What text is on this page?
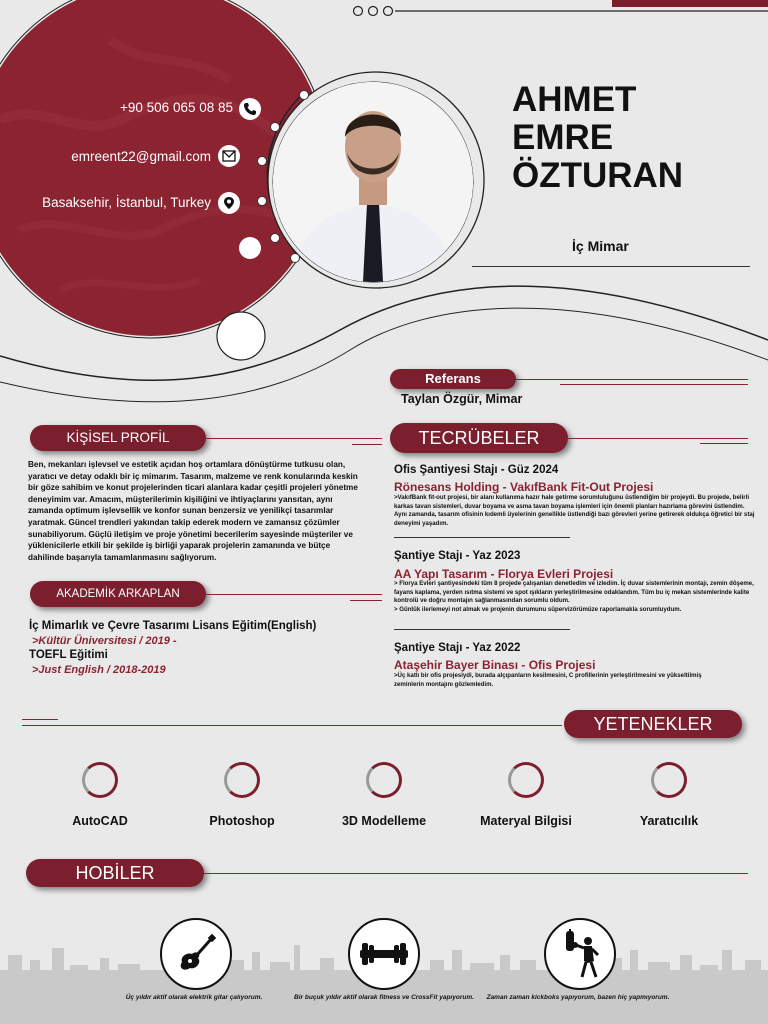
+90 506 065 08 85
emreent22@gmail.com
Basaksehir, İstanbul, Turkey
AHMET
EMRE
ÖZTURAN
İç Mimar
Referans
Taylan Özgür, Mimar
KİŞİSEL PROFİL
Ben, mekanları işlevsel ve estetik açıdan hoş ortamlara dönüştürme tutkusu olan, yaratıcı ve detay odaklı bir iç mimarım. Tasarım, malzeme ve renk konularında keskin bir göze sahibim ve konut projelerinden ticari alanlara kadar çeşitli projeleri yönetme deneyimim var. Amacım, müşterilerimin kişiliğini ve ihtiyaçlarını yansıtan, aynı zamanda optimum işlevsellik ve konfor sunan benzersiz ve yenilikçi tasarımlar yaratmak. Güncel trendleri yakından takip ederek modern ve zamansız çözümler sunabiliyorum. Güçlü iletişim ve proje yönetimi becerilerim sayesinde müşteriler ve yüklenicilerle etkili bir şekilde iş birliği yaparak projelerin zamanında ve bütçe dahilinde başarıyla tamamlanmasını sağlıyorum.
AKADEMİK ARKAPLAN
İç Mimarlık ve Çevre Tasarımı Lisans Eğitim(English)
>Kültür Üniversitesi / 2019 -
TOEFL Eğitimi
>Just English / 2018-2019
TECRÜBELER
Ofis Şantiyesi Stajı - Güz 2024
Rönesans Holding - VakıfBank Fit-Out Projesi
>VakıfBank fit-out projesi, bir alanı kullanıma hazır hale getirme sorumluluğunu üstlendiğim bir projeydi. Bu projede, belirli karkas tavan sistemleri, duvar boyama ve asma tavan boyama işlemleri için önemli planları hazırlama görevini üstlendim. Aynı zamanda, tasarım ofisinin kıdemli üyelerinin genellikle üstlendiği bazı görevleri yerine getirerek oldukça öğretici bir staj deneyimi yaşadım.
Şantiye Stajı - Yaz 2023
AA Yapı Tasarım - Florya Evleri Projesi
> Florya Evleri şantiyesindeki tüm 8 projede çalışanları denetledim ve izledim. İç duvar sistemlerinin montajı, zemin döşeme, fayans kaplama, yerden ısıtma sistemi ve spot ışıkların yerleştirilmesine odaklandım. Tüm bu iç mekan sistemlerinde kalite kontrolü ve doğru montajın sağlanmasından sorumlu oldum.
> Günlük ilerlemeyi not almak ve projenin durumunu süpervizörümüze raporlamakla sorumluydum.
Şantiye Stajı - Yaz 2022
Ataşehir Bayer Binası - Ofis Projesi
>Üç katlı bir ofis projesiydi, burada alçıpanların kesilmesini, C profillerinin yerleştirilmesini ve yükseltilmiş zeminlerin montajını gözlemledim.
YETENEKLER
AutoCAD	Photoshop	3D Modelleme	Materyal Bilgisi	Yaratıcılık
HOBİLER
Üç yıldır aktif olarak elektrik gitar çalıyorum.	Bir buçuk yıldır aktif olarak fitness ve CrossFit yapıyorum.	Zaman zaman kickboks yapıyorum, bazen hiç yapmıyorum.
